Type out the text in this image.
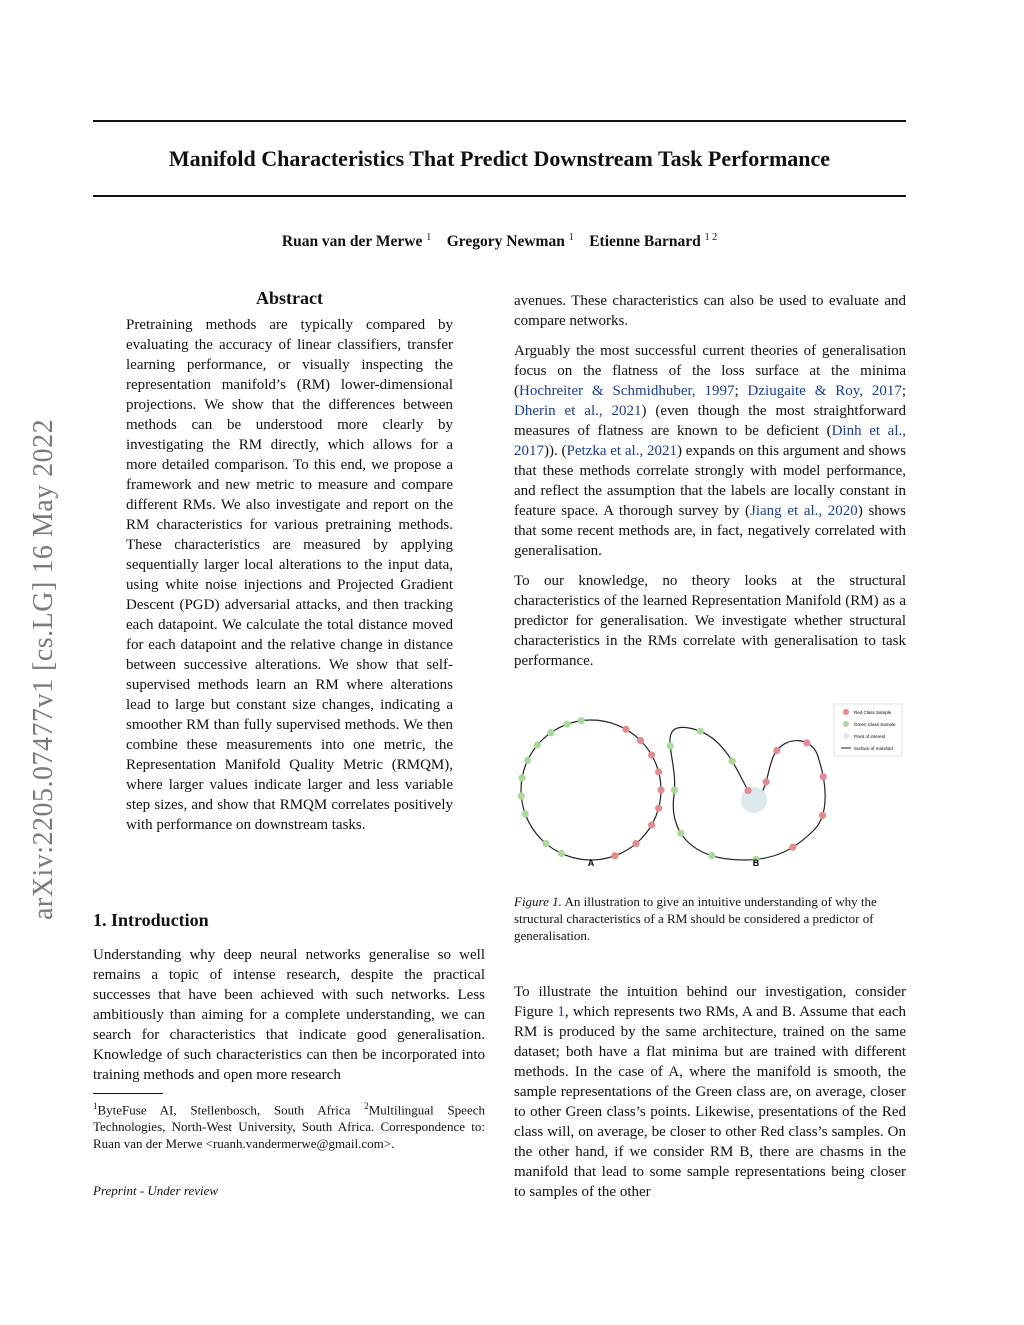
arXiv:2205.07477v1 [cs.LG] 16 May 2022
Manifold Characteristics That Predict Downstream Task Performance
Ruan van der Merwe $^1$ Gregory Newman $^1$ Etienne Barnard $^{1 2}$
Abstract

Pretraining methods are typically compared by evaluating the accuracy of linear classifiers, transfer learning performance, or visually inspecting the representation manifold’s (RM) lower-dimensional projections. We show that the differences between methods can be understood more clearly by investigating the RM directly, which allows for a more detailed comparison. To this end, we propose a framework and new metric to measure and compare different RMs. We also investigate and report on the RM characteristics for various pretraining methods. These characteristics are measured by applying sequentially larger local alterations to the input data, using white noise injections and Projected Gradient Descent (PGD) adversarial attacks, and then tracking each datapoint. We calculate the total distance moved for each datapoint and the relative change in distance between successive alterations. We show that self-supervised methods learn an RM where alterations lead to large but constant size changes, indicating a smoother RM than fully supervised methods. We then combine these measurements into one metric, the Representation Manifold Quality Metric (RMQM), where larger values indicate larger and less variable step sizes, and show that RMQM correlates positively with performance on downstream tasks.

1. Introduction

Understanding why deep neural networks generalise so well remains a topic of intense research, despite the practical successes that have been achieved with such networks. Less ambitiously than aiming for a complete understanding, we can search for characteristics that indicate good generalisation. Knowledge of such characteristics can then be incorporated into training methods and open more research

$^1$ByteFuse AI, Stellenbosch, South Africa $^2$Multilingual Speech Technologies, North-West University, South Africa. Correspondence to: Ruan van der Merwe <ruanh.vandermerwe@gmail.com>.

Preprint - Under review

avenues. These characteristics can also be used to evaluate and compare networks.

Arguably the most successful current theories of generalisation focus on the flatness of the loss surface at the minima (Hochreiter & Schmidhuber, 1997; Dziugaite & Roy, 2017; Dherin et al., 2021) (even though the most straightforward measures of flatness are known to be deficient (Dinh et al., 2017)). (Petzka et al., 2021) expands on this argument and shows that these methods correlate strongly with model performance, and reflect the assumption that the labels are locally constant in feature space. A thorough survey by (Jiang et al., 2020) shows that some recent methods are, in fact, negatively correlated with generalisation.

To our knowledge, no theory looks at the structural characteristics of the learned Representation Manifold (RM) as a predictor for generalisation. We investigate whether structural characteristics in the RMs correlate with generalisation to task performance.

A	B
Red Class Sample
Green Class Sample
Point of interest
Surface of manifold

Figure 1. An illustration to give an intuitive understanding of why the structural characteristics of a RM should be considered a predictor of generalisation.

To illustrate the intuition behind our investigation, consider Figure 1, which represents two RMs, A and B. Assume that each RM is produced by the same architecture, trained on the same dataset; both have a flat minima but are trained with different methods. In the case of A, where the manifold is smooth, the sample representations of the Green class are, on average, closer to other Green class’s points. Likewise, presentations of the Red class will, on average, be closer to other Red class’s samples. On the other hand, if we consider RM B, there are chasms in the manifold that lead to some sample representations being closer to samples of the other
